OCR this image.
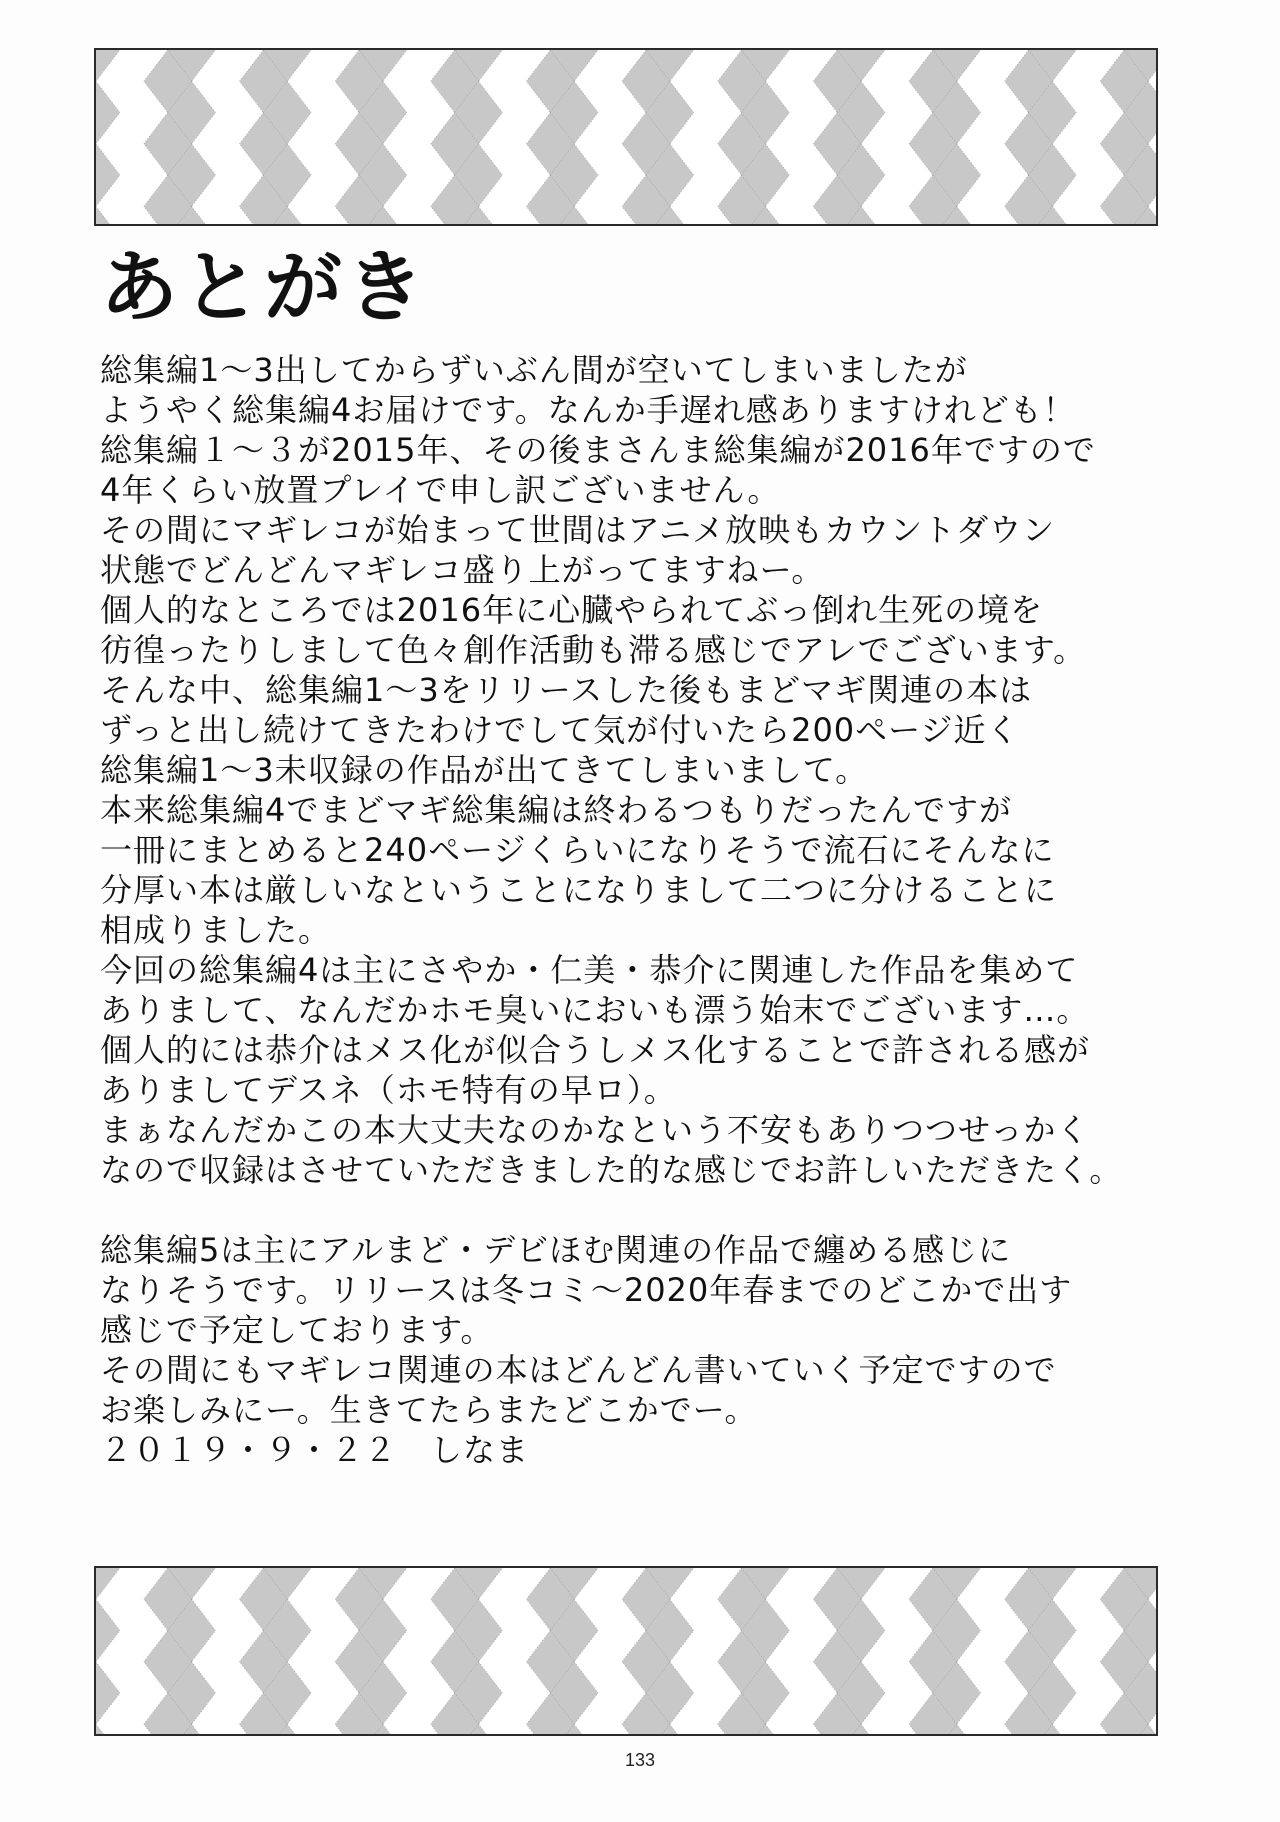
あとがき
総集編1〜3出してからずいぶん間が空いてしまいましたが
ようやく総集編4お届けです。なんか手遅れ感ありますけれども！
総集編１〜３が2015年、その後まさんま総集編が2016年ですので
4年くらい放置プレイで申し訳ございません。
その間にマギレコが始まって世間はアニメ放映もカウントダウン
状態でどんどんマギレコ盛り上がってますねー。
個人的なところでは2016年に心臓やられてぶっ倒れ生死の境を
彷徨ったりしまして色々創作活動も滞る感じでアレでございます。
そんな中、総集編1〜3をリリースした後もまどマギ関連の本は
ずっと出し続けてきたわけでして気が付いたら200ページ近く
総集編1〜3未収録の作品が出てきてしまいまして。
本来総集編4でまどマギ総集編は終わるつもりだったんですが
一冊にまとめると240ページくらいになりそうで流石にそんなに
分厚い本は厳しいなということになりまして二つに分けることに
相成りました。
今回の総集編4は主にさやか・仁美・恭介に関連した作品を集めて
ありまして、なんだかホモ臭いにおいも漂う始末でございます…。
個人的には恭介はメス化が似合うしメス化することで許される感が
ありましてデスネ（ホモ特有の早ロ）。
まぁなんだかこの本大丈夫なのかなという不安もありつつせっかく
なので収録はさせていただきました的な感じでお許しいただきたく。
総集編5は主にアルまど・デビほむ関連の作品で纏める感じに
なりそうです。リリースは冬コミ〜2020年春までのどこかで出す
感じで予定しております。
その間にもマギレコ関連の本はどんどん書いていく予定ですので
お楽しみにー。生きてたらまたどこかでー。
２０１９・９・２２　しなま
133
